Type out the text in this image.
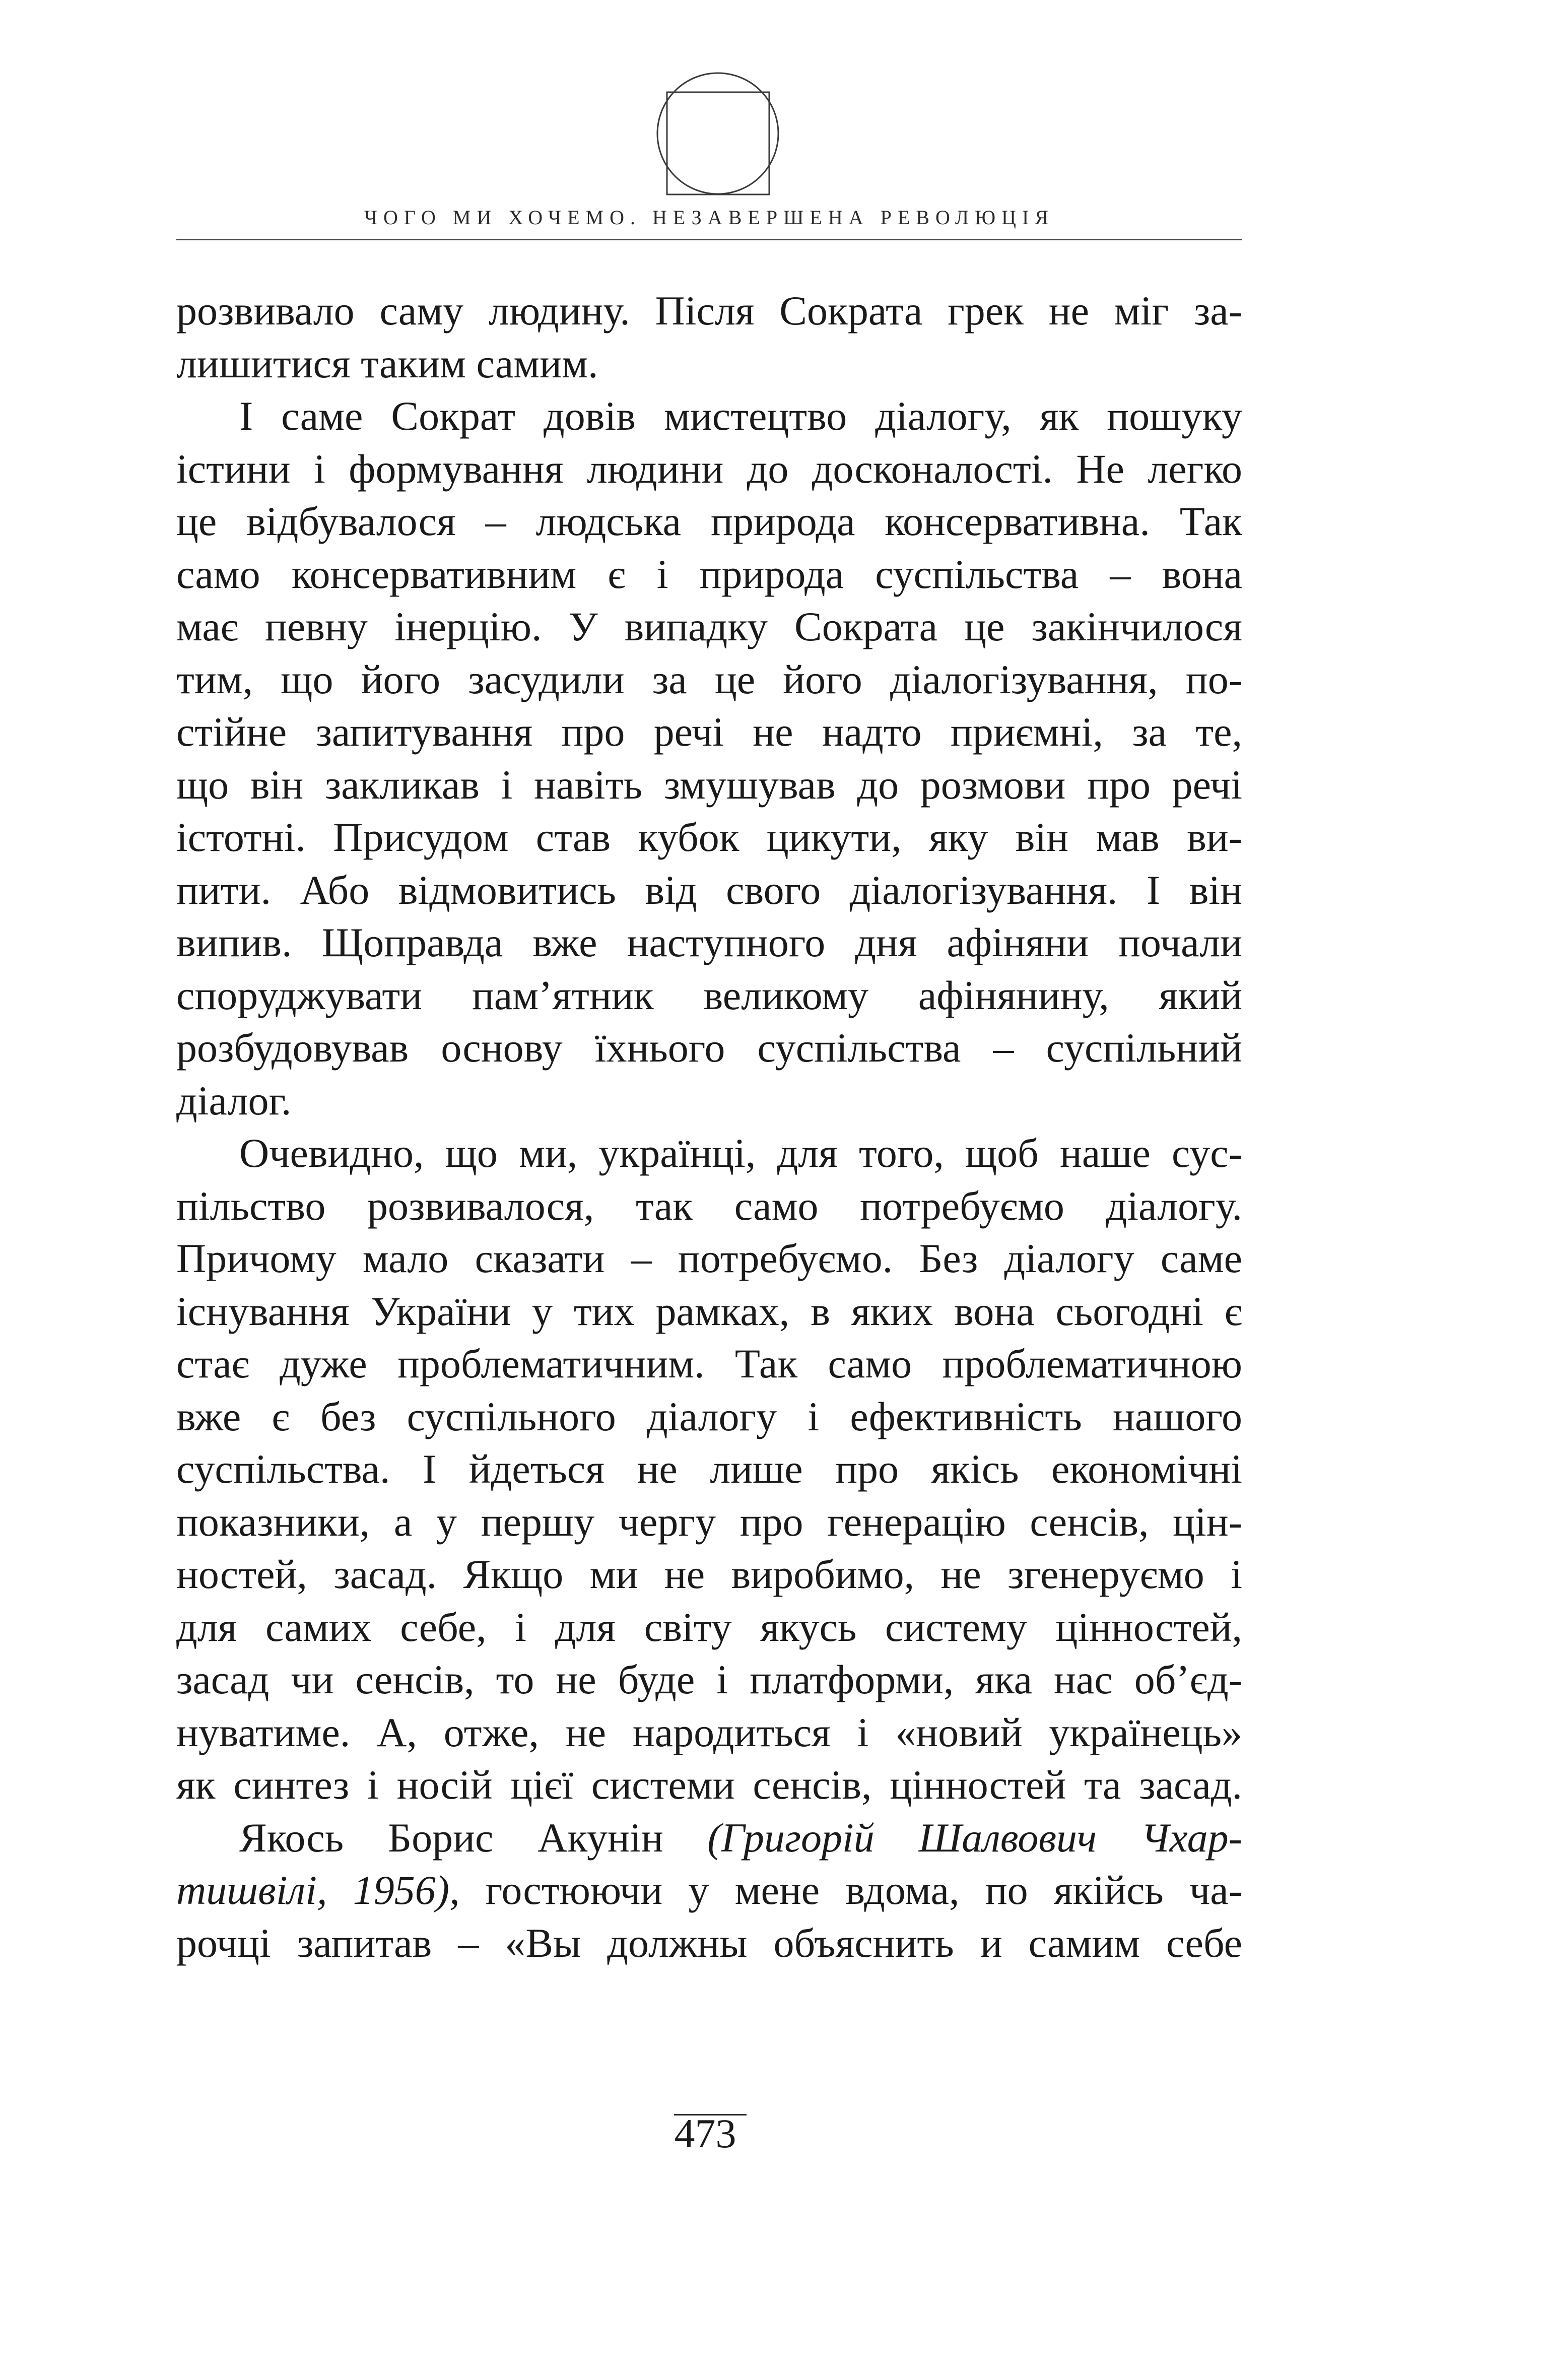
ЧОГО МИ ХОЧЕМО. НЕЗАВЕРШЕНА РЕВОЛЮЦІЯ
розвивало саму людину. Після Сократа грек не міг за-
лишитися таким самим.
І саме Сократ довів мистецтво діалогу, як пошуку
істини і формування людини до досконалості. Не легко
це відбувалося – людська природа консервативна. Так
само консервативним є і природа суспільства – вона
має певну інерцію. У випадку Сократа це закінчилося
тим, що його засудили за це його діалогізування, по-
стійне запитування про речі не надто приємні, за те,
що він закликав і навіть змушував до розмови про речі
істотні. Присудом став кубок цикути, яку він мав ви-
пити. Або відмовитись від свого діалогізування. І він
випив. Щоправда вже наступного дня афіняни почали
споруджувати пам’ятник великому афінянину, який
розбудовував основу їхнього суспільства – суспільний
діалог.
Очевидно, що ми, українці, для того, щоб наше сус-
пільство розвивалося, так само потребуємо діалогу.
Причому мало сказати – потребуємо. Без діалогу саме
існування України у тих рамках, в яких вона сьогодні є
стає дуже проблематичним. Так само проблематичною
вже є без суспільного діалогу і ефективність нашого
суспільства. І йдеться не лише про якісь економічні
показники, а у першу чергу про генерацію сенсів, цін-
ностей, засад. Якщо ми не виробимо, не згенеруємо і
для самих себе, і для світу якусь систему цінностей,
засад чи сенсів, то не буде і платформи, яка нас об’єд-
нуватиме. А, отже, не народиться і «новий українець»
як синтез і носій цієї системи сенсів, цінностей та засад.
Якось Борис Акунін (Григорій Шалвович Чхар-
тишвілі, 1956), гостюючи у мене вдома, по якійсь ча-
рочці запитав – «Вы должны объяснить и самим себе
473
